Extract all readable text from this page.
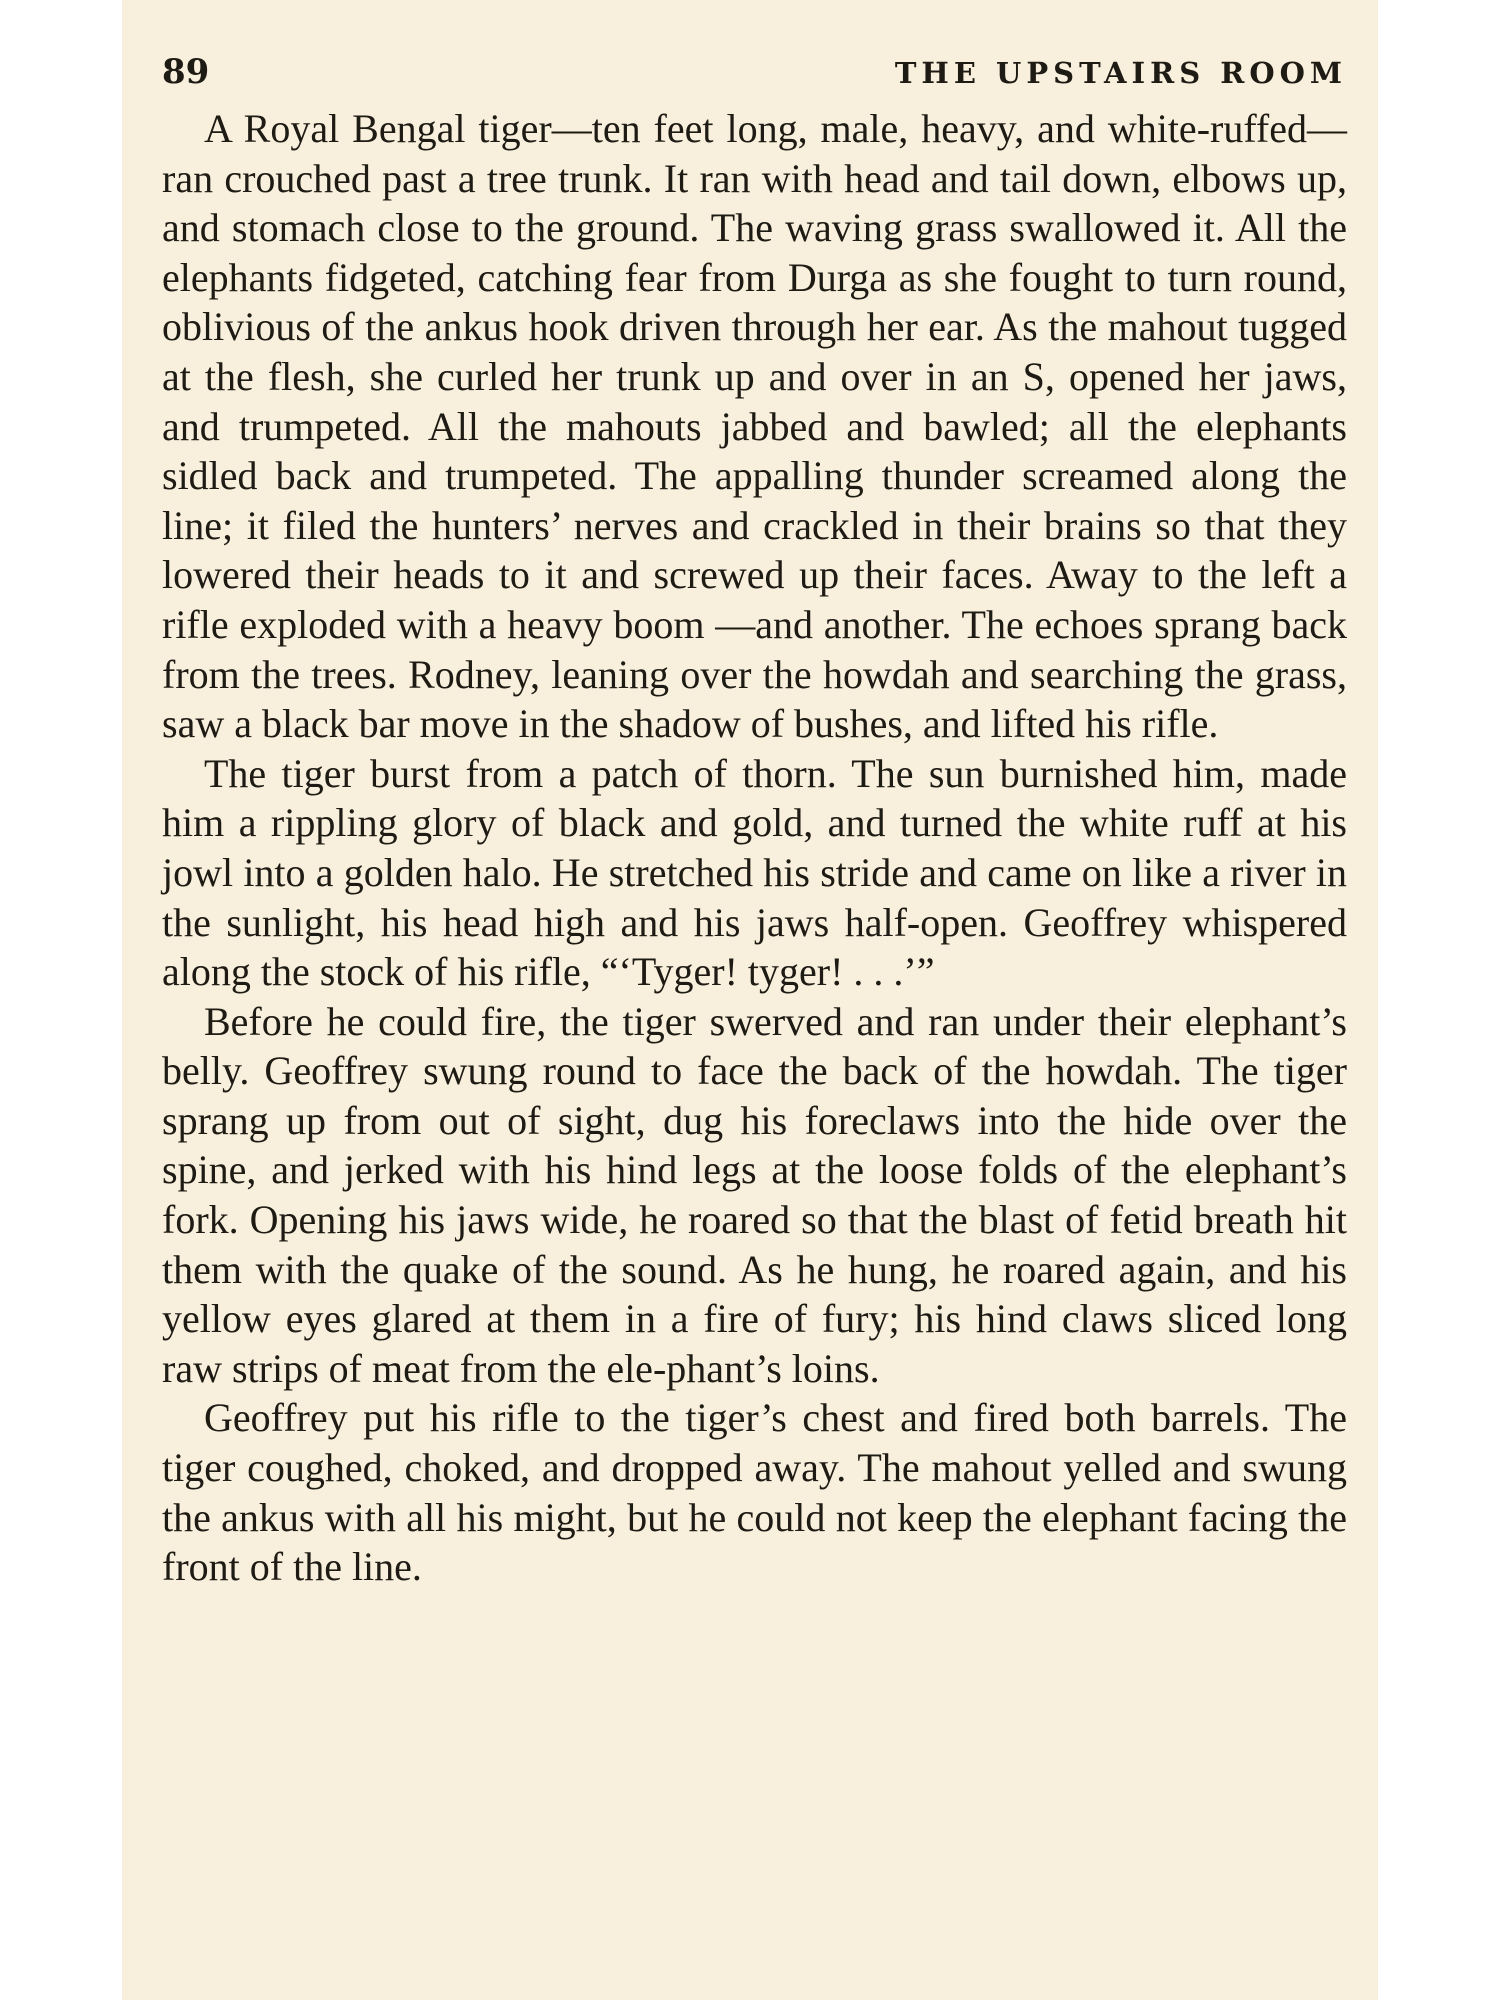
89	THE UPSTAIRS ROOM

A Royal Bengal tiger—ten feet long, male, heavy, and white-ruffed—ran crouched past a tree trunk. It ran with head and tail down, elbows up, and stomach close to the ground. The waving grass swallowed it. All the elephants fidgeted, catching fear from Durga as she fought to turn round, oblivious of the ankus hook driven through her ear. As the mahout tugged at the flesh, she curled her trunk up and over in an S, opened her jaws, and trumpeted. All the mahouts jabbed and bawled; all the elephants sidled back and trumpeted. The appalling thunder screamed along the line; it filed the hunters’ nerves and crackled in their brains so that they lowered their heads to it and screwed up their faces. Away to the left a rifle exploded with a heavy boom —and another. The echoes sprang back from the trees. Rodney, leaning over the howdah and searching the grass, saw a black bar move in the shadow of bushes, and lifted his rifle.

The tiger burst from a patch of thorn. The sun burnished him, made him a rippling glory of black and gold, and turned the white ruff at his jowl into a golden halo. He stretched his stride and came on like a river in the sunlight, his head high and his jaws half-open. Geoffrey whispered along the stock of his rifle, “‘Tyger! tyger! . . .’”

Before he could fire, the tiger swerved and ran under their elephant’s belly. Geoffrey swung round to face the back of the howdah. The tiger sprang up from out of sight, dug his foreclaws into the hide over the spine, and jerked with his hind legs at the loose folds of the elephant’s fork. Opening his jaws wide, he roared so that the blast of fetid breath hit them with the quake of the sound. As he hung, he roared again, and his yellow eyes glared at them in a fire of fury; his hind claws sliced long raw strips of meat from the ele-phant’s loins.

Geoffrey put his rifle to the tiger’s chest and fired both barrels. The tiger coughed, choked, and dropped away. The mahout yelled and swung the ankus with all his might, but he could not keep the elephant facing the front of the line.
